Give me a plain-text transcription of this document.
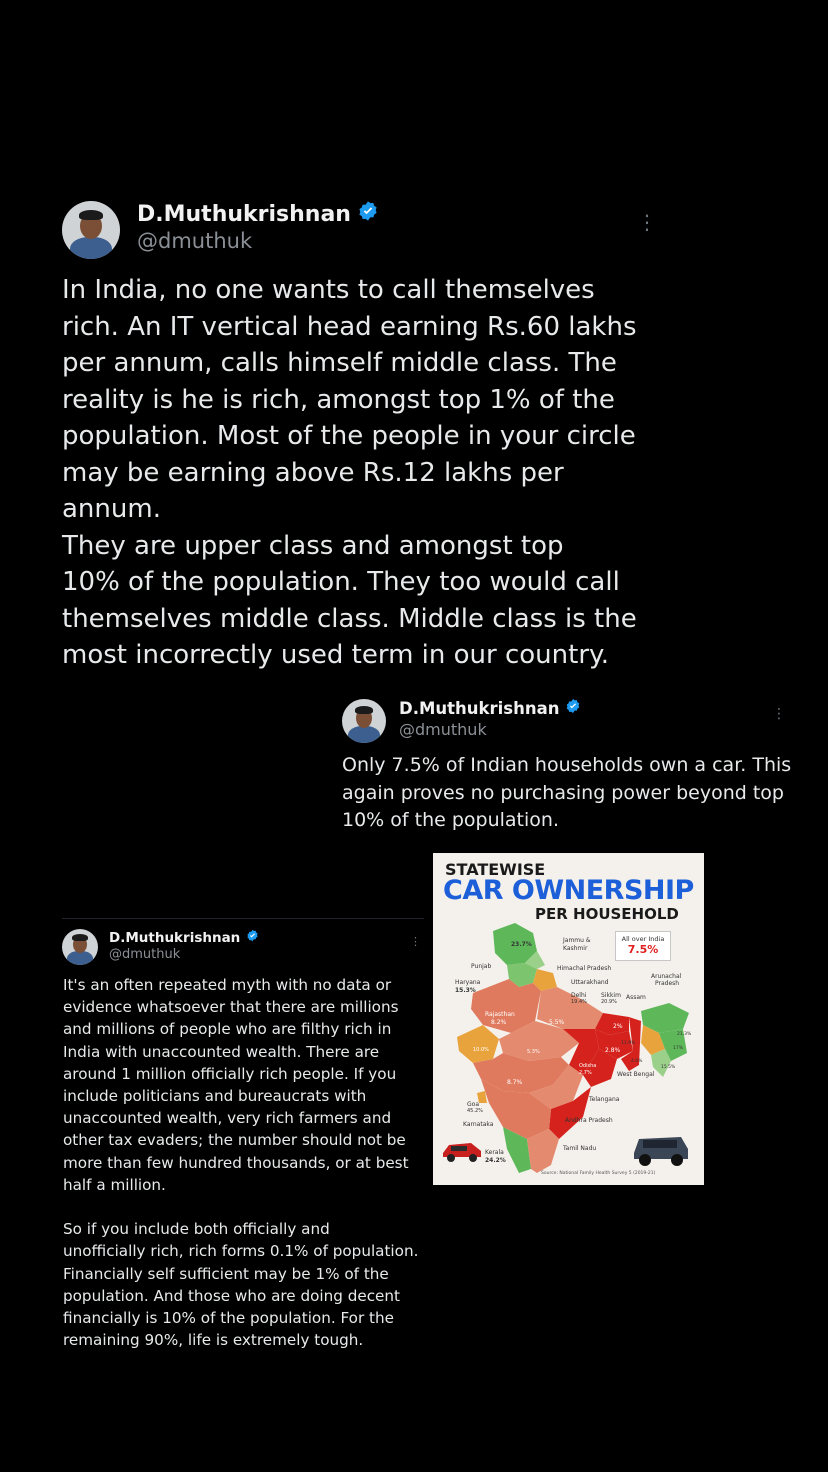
D.Muthukrishnan
@dmuthuk
⋮
In India, no one wants to call themselves
rich. An IT vertical head earning Rs.60 lakhs
per annum, calls himself middle class. The
reality is he is rich, amongst top 1% of the
population. Most of the people in your circle
may be earning above Rs.12 lakhs per annum.
They are upper class and amongst top
10% of the population. They too would call
themselves middle class. Middle class is the
most incorrectly used term in our country.
D.Muthukrishnan
@dmuthuk
⋮
Only 7.5% of Indian households own a car. This
again proves no purchasing power beyond top
10% of the population.
STATEWISE
CAR OWNERSHIP
PER HOUSEHOLD
All over India
7.5%
23.7%
Jammu &
Kashmir
Punjab
Haryana
15.3%
Himachal Pradesh
Uttarakhand
Delhi
19.4%
Sikkim
20.9%
Assam
Arunachal
Pradesh
Rajasthan
8.2%	5.5%
2%
2.8%
West Bengal
10.0%	5.3%
Odisha
2.7%
8.7%
Goa
45.2%
Telangana
Karnataka
Andhra Pradesh
Tamil Nadu
Kerala
24.2%
21.3%
17%
15.5%
4.6%
11.9%
Source: National Family Health Survey 5 (2019-21)
D.Muthukrishnan
@dmuthuk
⋮
It's an often repeated myth with no data or
evidence whatsoever that there are millions
and millions of people who are filthy rich in
India with unaccounted wealth. There are
around 1 million officially rich people. If you
include politicians and bureaucrats with
unaccounted wealth, very rich farmers and
other tax evaders; the number should not be
more than few hundred thousands, or at best
half a million.
So if you include both officially and
unofficially rich, rich forms 0.1% of population.
Financially self sufficient may be 1% of the
population. And those who are doing decent
financially is 10% of the population. For the
remaining 90%, life is extremely tough.
